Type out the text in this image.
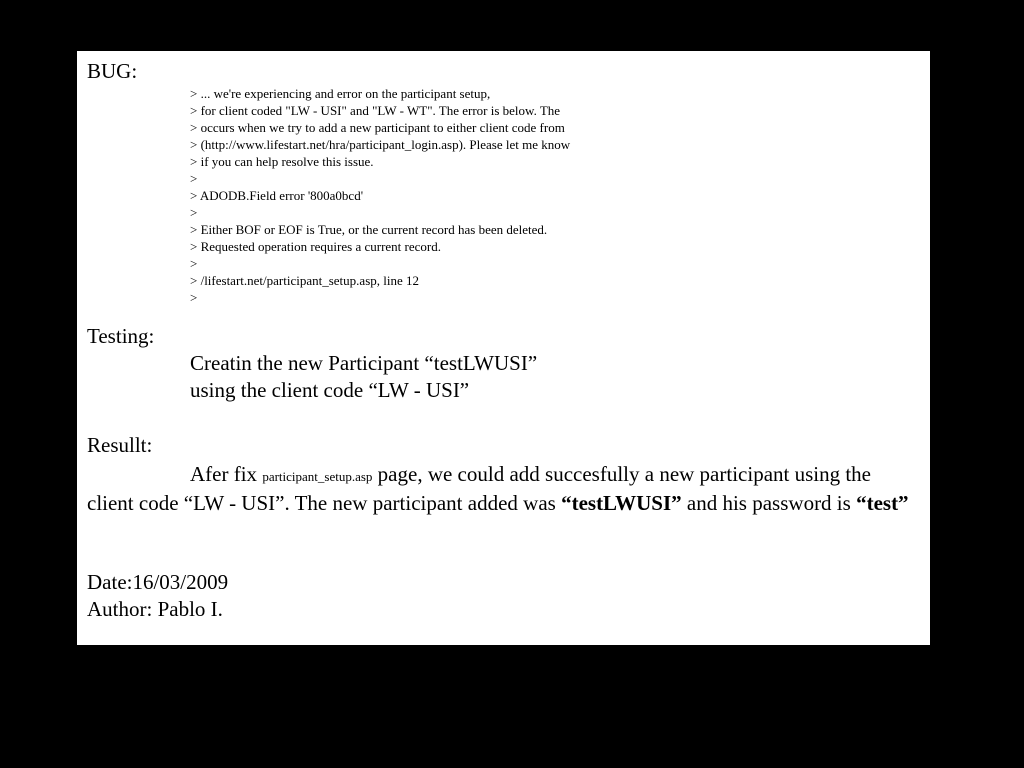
BUG:
> ... we're experiencing and error on the participant setup,
> for client coded "LW - USI" and "LW - WT". The error is below. The
> occurs when we try to add a new participant to either client code from
> (http://www.lifestart.net/hra/participant_login.asp). Please let me know
> if you can help resolve this issue.
>
> ADODB.Field error '800a0bcd'
>
> Either BOF or EOF is True, or the current record has been deleted.
> Requested operation requires a current record.
>
> /lifestart.net/participant_setup.asp, line 12
>
Testing:
Creatin the new Participant “testLWUSI”
using the client code “LW - USI”
Resullt:
Afer fix participant_setup.asp page, we could add succesfully a new participant using the client code “LW - USI”. The new participant added was “testLWUSI” and his password is “test”
Date:16/03/2009
Author: Pablo I.
